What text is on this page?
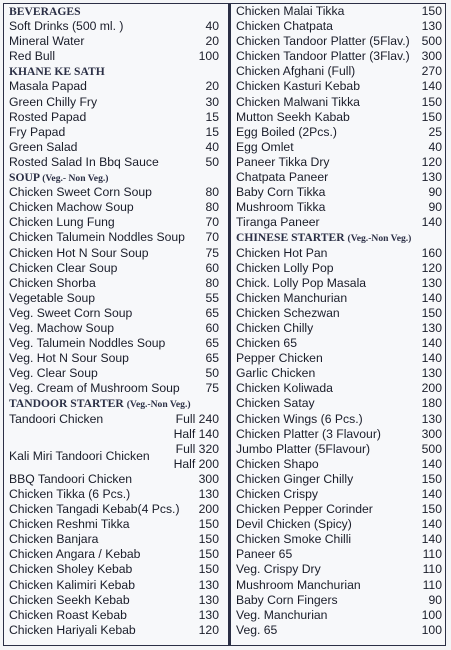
BEVERAGES
Soft Drinks (500 ml. )	40
Mineral Water	20
Red Bull	100
KHANE KE SATH
Masala Papad	20
Green Chilly Fry	30
Rosted Papad	15
Fry Papad	15
Green Salad	40
Rosted Salad In Bbq Sauce	50
SOUP (Veg.- Non Veg.)
Chicken Sweet Corn Soup	80
Chicken Machow Soup	80
Chicken Lung Fung	70
Chicken Talumein Noddles Soup	70
Chicken Hot N Sour Soup	75
Chicken Clear Soup	60
Chicken Shorba	80
Vegetable Soup	55
Veg. Sweet Corn Soup	65
Veg. Machow Soup	60
Veg. Talumein Noddles Soup	65
Veg. Hot N Sour Soup	65
Veg. Clear Soup	50
Veg. Cream of Mushroom Soup	75
TANDOOR STARTER (Veg.-Non Veg.)
Tandoori Chicken	Full 240
Half 140
Kali Miri Tandoori Chicken
Full 320
Half 200
BBQ Tandoori Chicken	300
Chicken Tikka (6 Pcs.)	130
Chicken Tangadi Kebab(4 Pcs.)	200
Chicken Reshmi Tikka	150
Chicken Banjara	150
Chicken Angara / Kebab	150
Chicken Sholey Kebab	150
Chicken Kalimiri Kebab	130
Chicken Seekh Kebab	130
Chicken Roast Kebab	130
Chicken Hariyali Kebab	120
Chicken Malai Tikka	150
Chicken Chatpata	130
Chicken Tandoor Platter (5Flav.) 500
Chicken Tandoor Platter (3Flav.) 300
Chicken Afghani (Full)	270
Chicken Kasturi Kebab	140
Chicken Malwani Tikka	150
Mutton Seekh Kabab	150
Egg Boiled (2Pcs.)	25
Egg Omlet	40
Paneer Tikka Dry	120
Chatpata Paneer	130
Baby Corn Tikka	90
Mushroom Tikka	90
Tiranga Paneer	140
CHINESE STARTER (Veg.-Non Veg.)
Chicken Hot Pan	160
Chicken Lolly Pop	120
Chick. Lolly Pop Masala	130
Chicken Manchurian	140
Chicken Schezwan	150
Chicken Chilly	130
Chicken 65	140
Pepper Chicken	140
Garlic Chicken	130
Chicken Koliwada	200
Chicken Satay	180
Chicken Wings (6 Pcs.)	130
Chicken Platter (3 Flavour)	300
Jumbo Platter (5Flavour)	500
Chicken Shapo	140
Chicken Ginger Chilly	150
Chicken Crispy	140
Chicken Pepper Corinder	150
Devil Chicken (Spicy)	140
Chicken Smoke Chilli	140
Paneer 65	110
Veg. Crispy Dry	110
Mushroom Manchurian	110
Baby Corn Fingers	90
Veg. Manchurian	100
Veg. 65	100
